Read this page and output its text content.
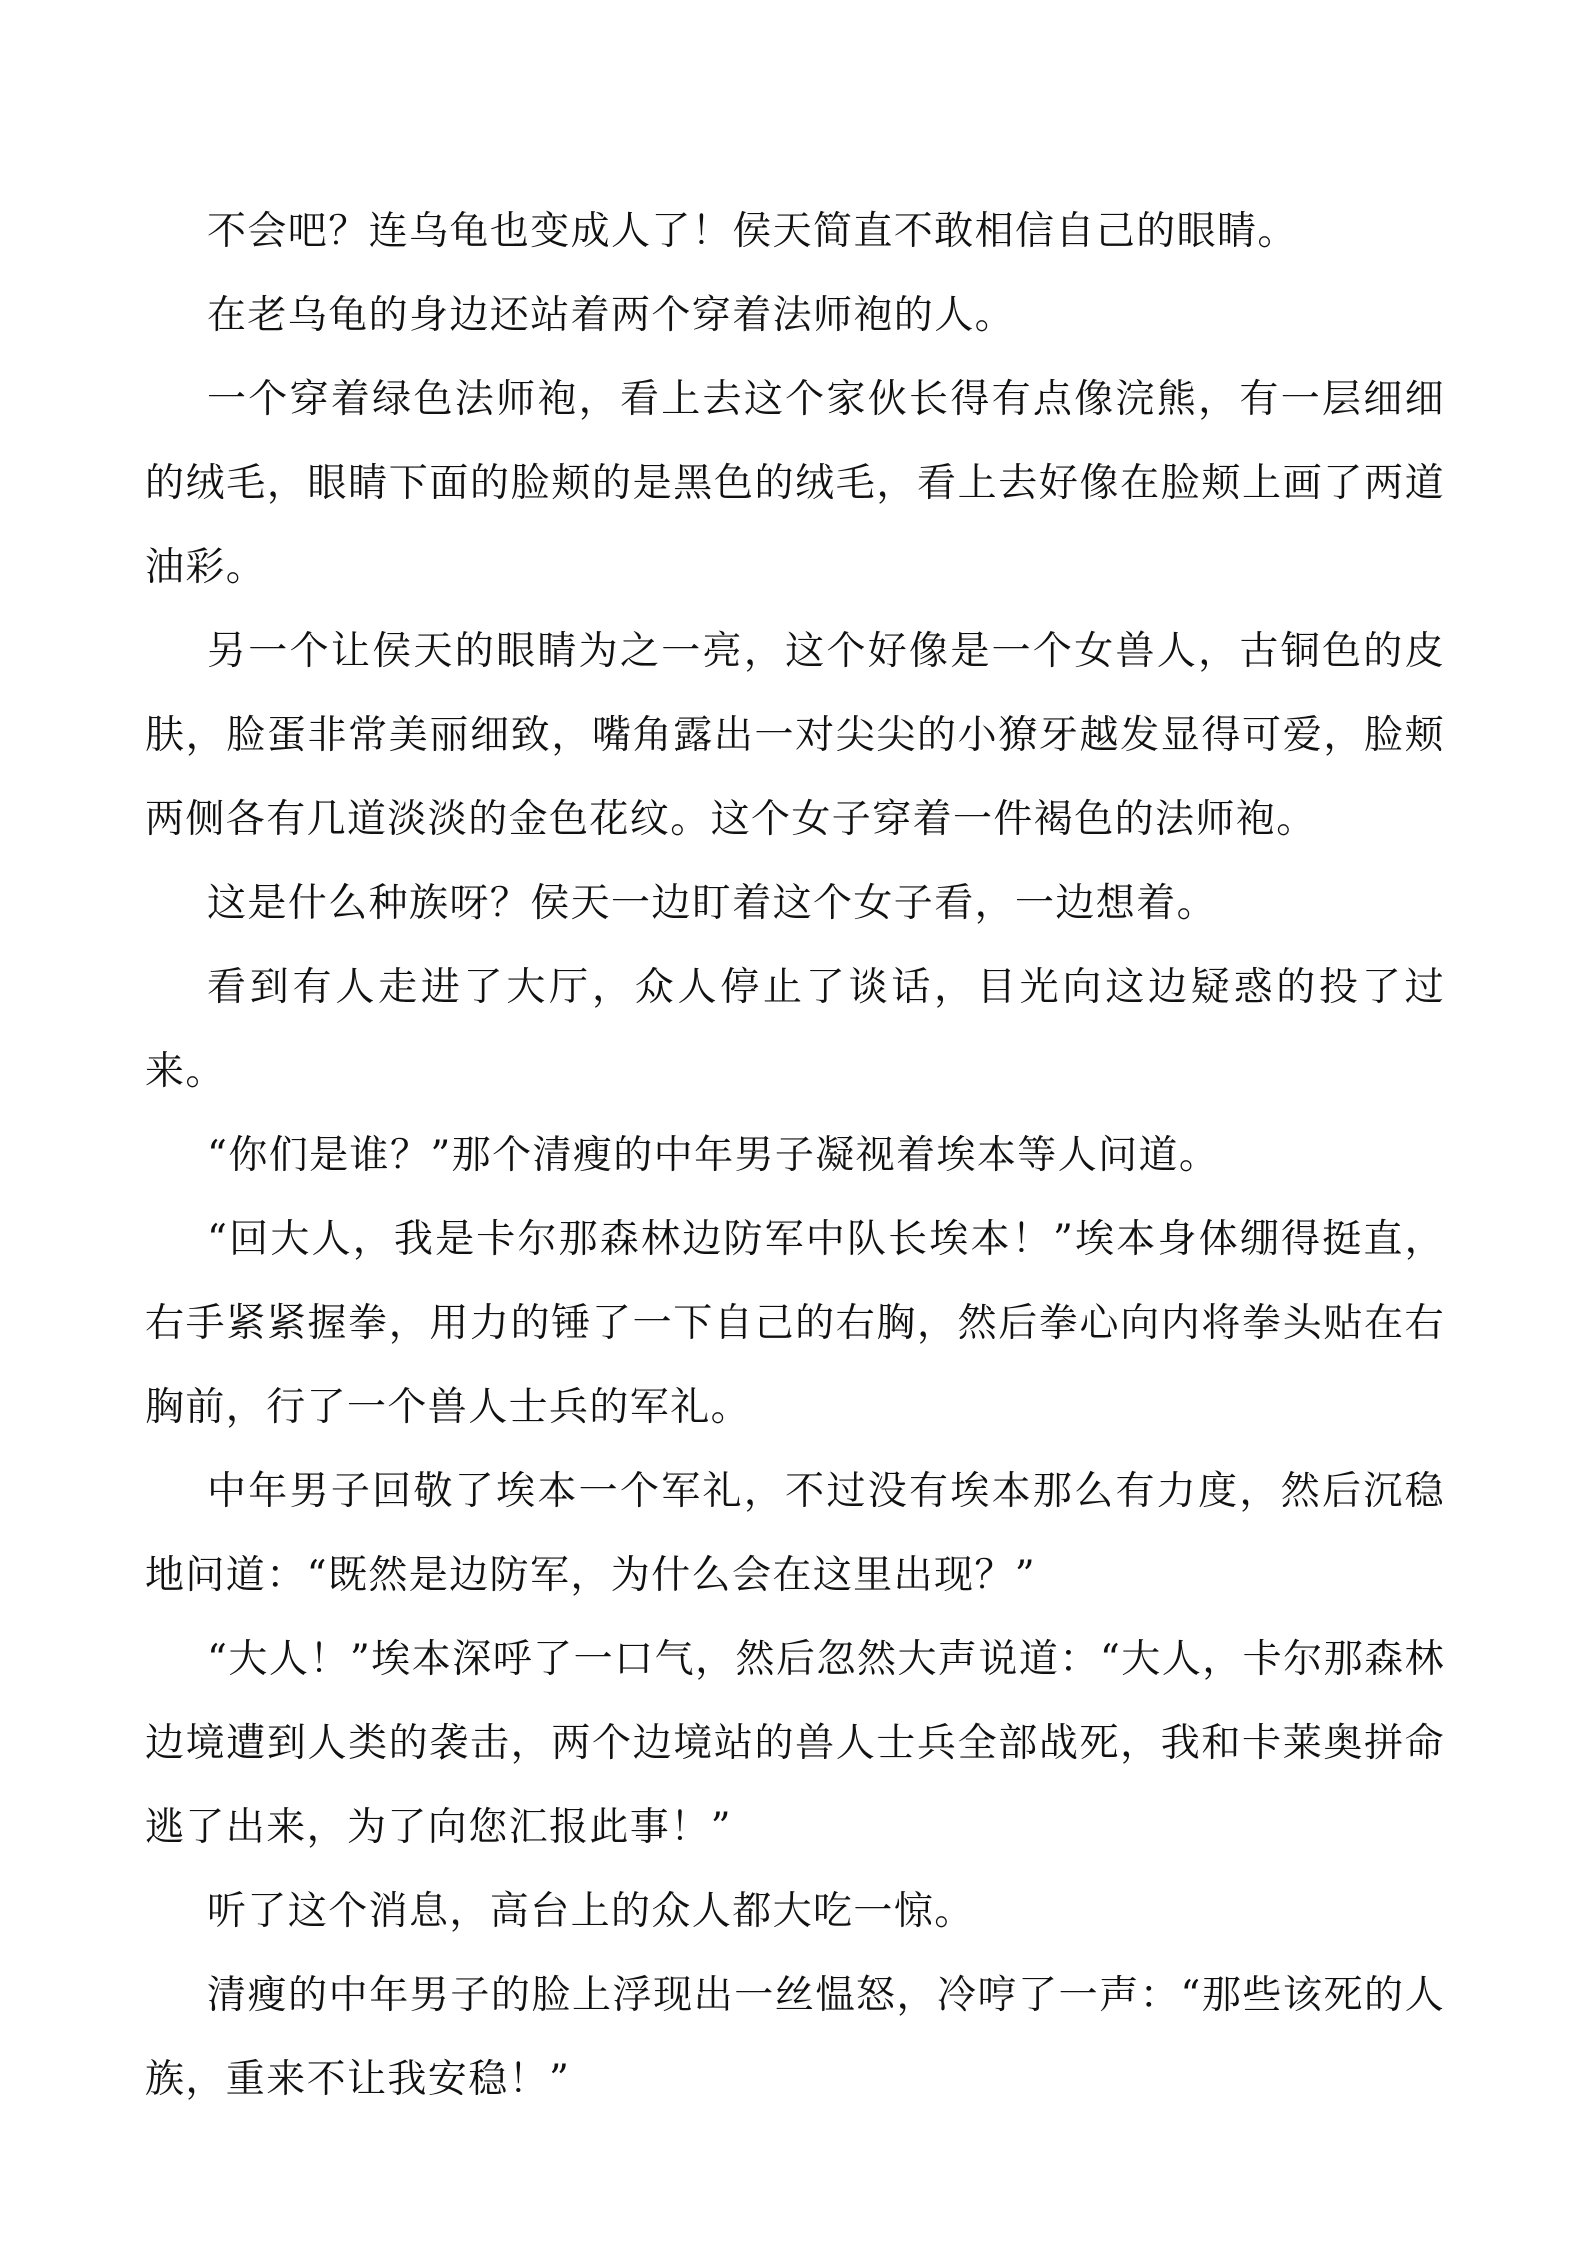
不会吧？连乌龟也变成人了！侯天简直不敢相信自己的眼睛。

在老乌龟的身边还站着两个穿着法师袍的人。

一个穿着绿色法师袍，看上去这个家伙长得有点像浣熊，有一层细细的绒毛，眼睛下面的脸颊的是黑色的绒毛，看上去好像在脸颊上画了两道油彩。

另一个让侯天的眼睛为之一亮，这个好像是一个女兽人，古铜色的皮肤，脸蛋非常美丽细致，嘴角露出一对尖尖的小獠牙越发显得可爱，脸颊两侧各有几道淡淡的金色花纹。这个女子穿着一件褐色的法师袍。

这是什么种族呀？侯天一边盯着这个女子看，一边想着。

看到有人走进了大厅，众人停止了谈话，目光向这边疑惑的投了过来。

“你们是谁？”那个清瘦的中年男子凝视着埃本等人问道。

“回大人，我是卡尔那森林边防军中队长埃本！”埃本身体绷得挺直，右手紧紧握拳，用力的锤了一下自己的右胸，然后拳心向内将拳头贴在右胸前，行了一个兽人士兵的军礼。

中年男子回敬了埃本一个军礼，不过没有埃本那么有力度，然后沉稳地问道：“既然是边防军，为什么会在这里出现？”

“大人！”埃本深呼了一口气，然后忽然大声说道：“大人，卡尔那森林边境遭到人类的袭击，两个边境站的兽人士兵全部战死，我和卡莱奥拼命逃了出来，为了向您汇报此事！”

听了这个消息，高台上的众人都大吃一惊。

清瘦的中年男子的脸上浮现出一丝愠怒，冷哼了一声：“那些该死的人族，重来不让我安稳！”
